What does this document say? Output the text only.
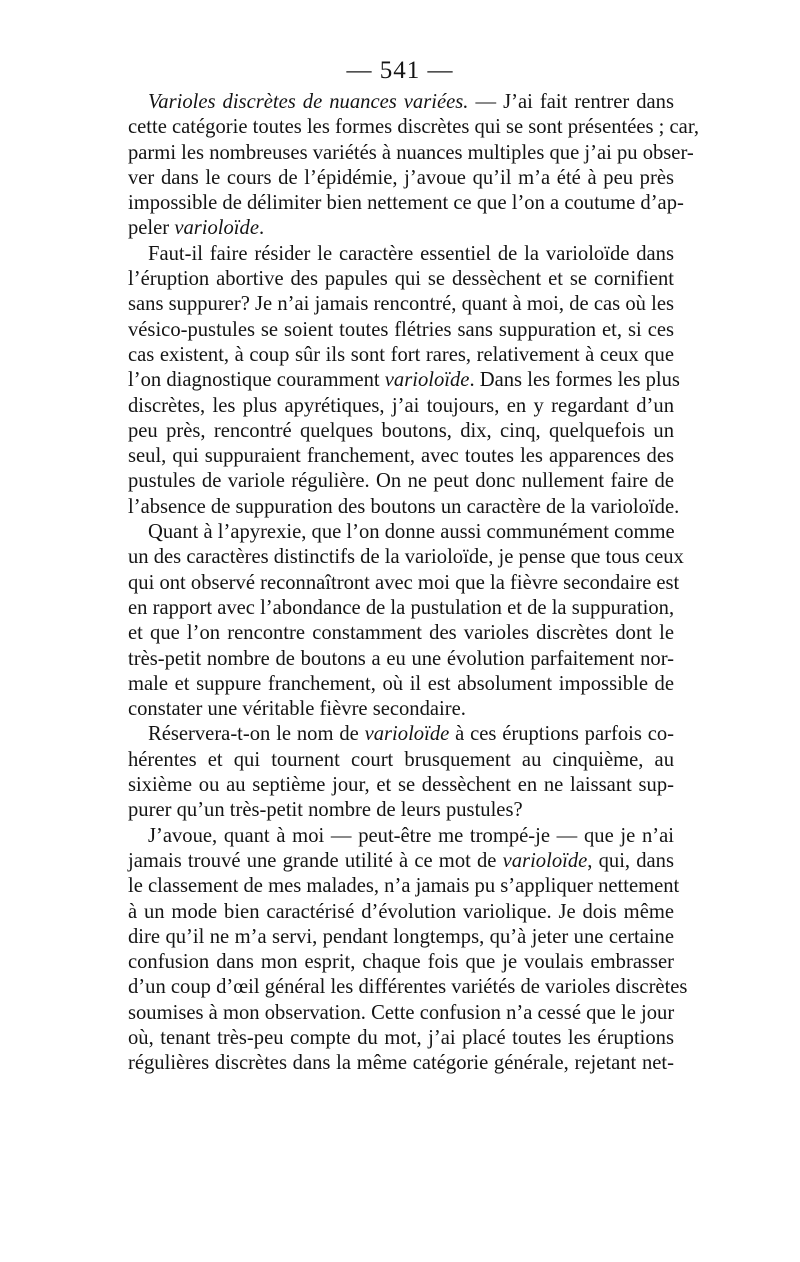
— 541 —
Varioles discrètes de nuances variées. — J’ai fait rentrer dans
cette catégorie toutes les formes discrètes qui se sont présentées ; car,
parmi les nombreuses variétés à nuances multiples que j’ai pu obser-
ver dans le cours de l’épidémie, j’avoue qu’il m’a été à peu près
impossible de délimiter bien nettement ce que l’on a coutume d’ap-
peler varioloïde.
Faut-il faire résider le caractère essentiel de la varioloïde dans
l’éruption abortive des papules qui se dessèchent et se cornifient
sans suppurer? Je n’ai jamais rencontré, quant à moi, de cas où les
vésico-pustules se soient toutes flétries sans suppuration et, si ces
cas existent, à coup sûr ils sont fort rares, relativement à ceux que
l’on diagnostique couramment varioloïde. Dans les formes les plus
discrètes, les plus apyrétiques, j’ai toujours, en y regardant d’un
peu près, rencontré quelques boutons, dix, cinq, quelquefois un
seul, qui suppuraient franchement, avec toutes les apparences des
pustules de variole régulière. On ne peut donc nullement faire de
l’absence de suppuration des boutons un caractère de la varioloïde.
Quant à l’apyrexie, que l’on donne aussi communément comme
un des caractères distinctifs de la varioloïde, je pense que tous ceux
qui ont observé reconnaîtront avec moi que la fièvre secondaire est
en rapport avec l’abondance de la pustulation et de la suppuration,
et que l’on rencontre constamment des varioles discrètes dont le
très-petit nombre de boutons a eu une évolution parfaitement nor-
male et suppure franchement, où il est absolument impossible de
constater une véritable fièvre secondaire.
Réservera-t-on le nom de varioloïde à ces éruptions parfois co-
hérentes et qui tournent court brusquement au cinquième, au
sixième ou au septième jour, et se dessèchent en ne laissant sup-
purer qu’un très-petit nombre de leurs pustules?
J’avoue, quant à moi — peut-être me trompé-je — que je n’ai
jamais trouvé une grande utilité à ce mot de varioloïde, qui, dans
le classement de mes malades, n’a jamais pu s’appliquer nettement
à un mode bien caractérisé d’évolution variolique. Je dois même
dire qu’il ne m’a servi, pendant longtemps, qu’à jeter une certaine
confusion dans mon esprit, chaque fois que je voulais embrasser
d’un coup d’œil général les différentes variétés de varioles discrètes
soumises à mon observation. Cette confusion n’a cessé que le jour
où, tenant très-peu compte du mot, j’ai placé toutes les éruptions
régulières discrètes dans la même catégorie générale, rejetant net-
